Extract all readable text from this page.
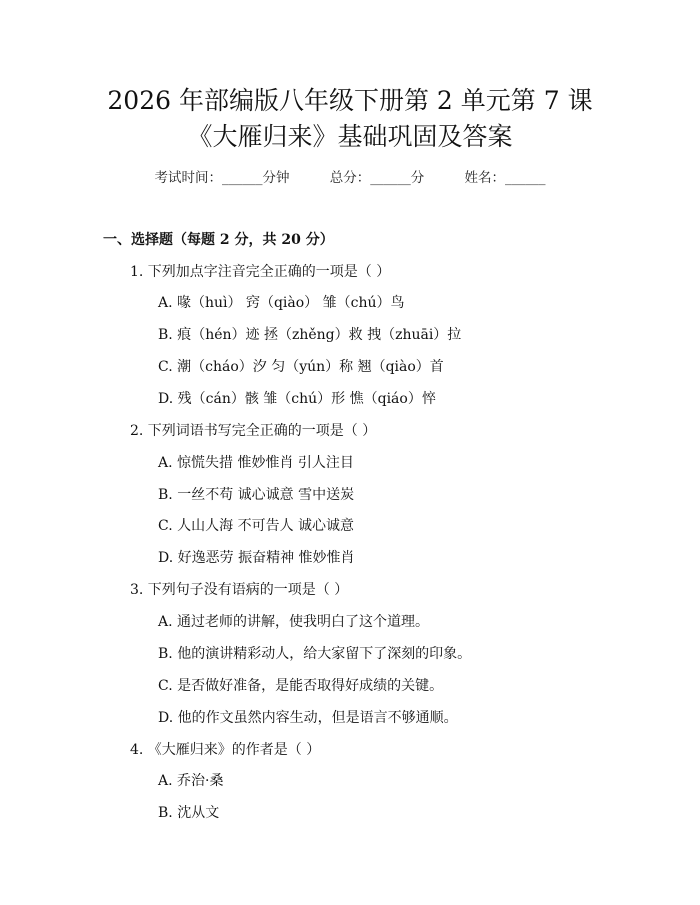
2026 年部编版八年级下册第 2 单元第 7 课
《大雁归来》基础巩固及答案
考试时间：______分钟	总分：______分	姓名：______
一、选择题（每题 2 分，共 20 分）
1. 下列加点字注音完全正确的一项是（ ）
A. 喙（huì） 窍（qiào） 雏（chú）鸟
B. 痕（hén）迹 拯（zhěng）救 拽（zhuāi）拉
C. 潮（cháo）汐 匀（yún）称 翘（qiào）首
D. 残（cán）骸 雏（chú）形 憔（qiáo）悴
2. 下列词语书写完全正确的一项是（ ）
A. 惊慌失措 惟妙惟肖 引人注目
B. 一丝不苟 诚心诚意 雪中送炭
C. 人山人海 不可告人 诚心诚意
D. 好逸恶劳 振奋精神 惟妙惟肖
3. 下列句子没有语病的一项是（ ）
A. 通过老师的讲解，使我明白了这个道理。
B. 他的演讲精彩动人，给大家留下了深刻的印象。
C. 是否做好准备，是能否取得好成绩的关键。
D. 他的作文虽然内容生动，但是语言不够通顺。
4. 《大雁归来》的作者是（ ）
A. 乔治·桑
B. 沈从文
